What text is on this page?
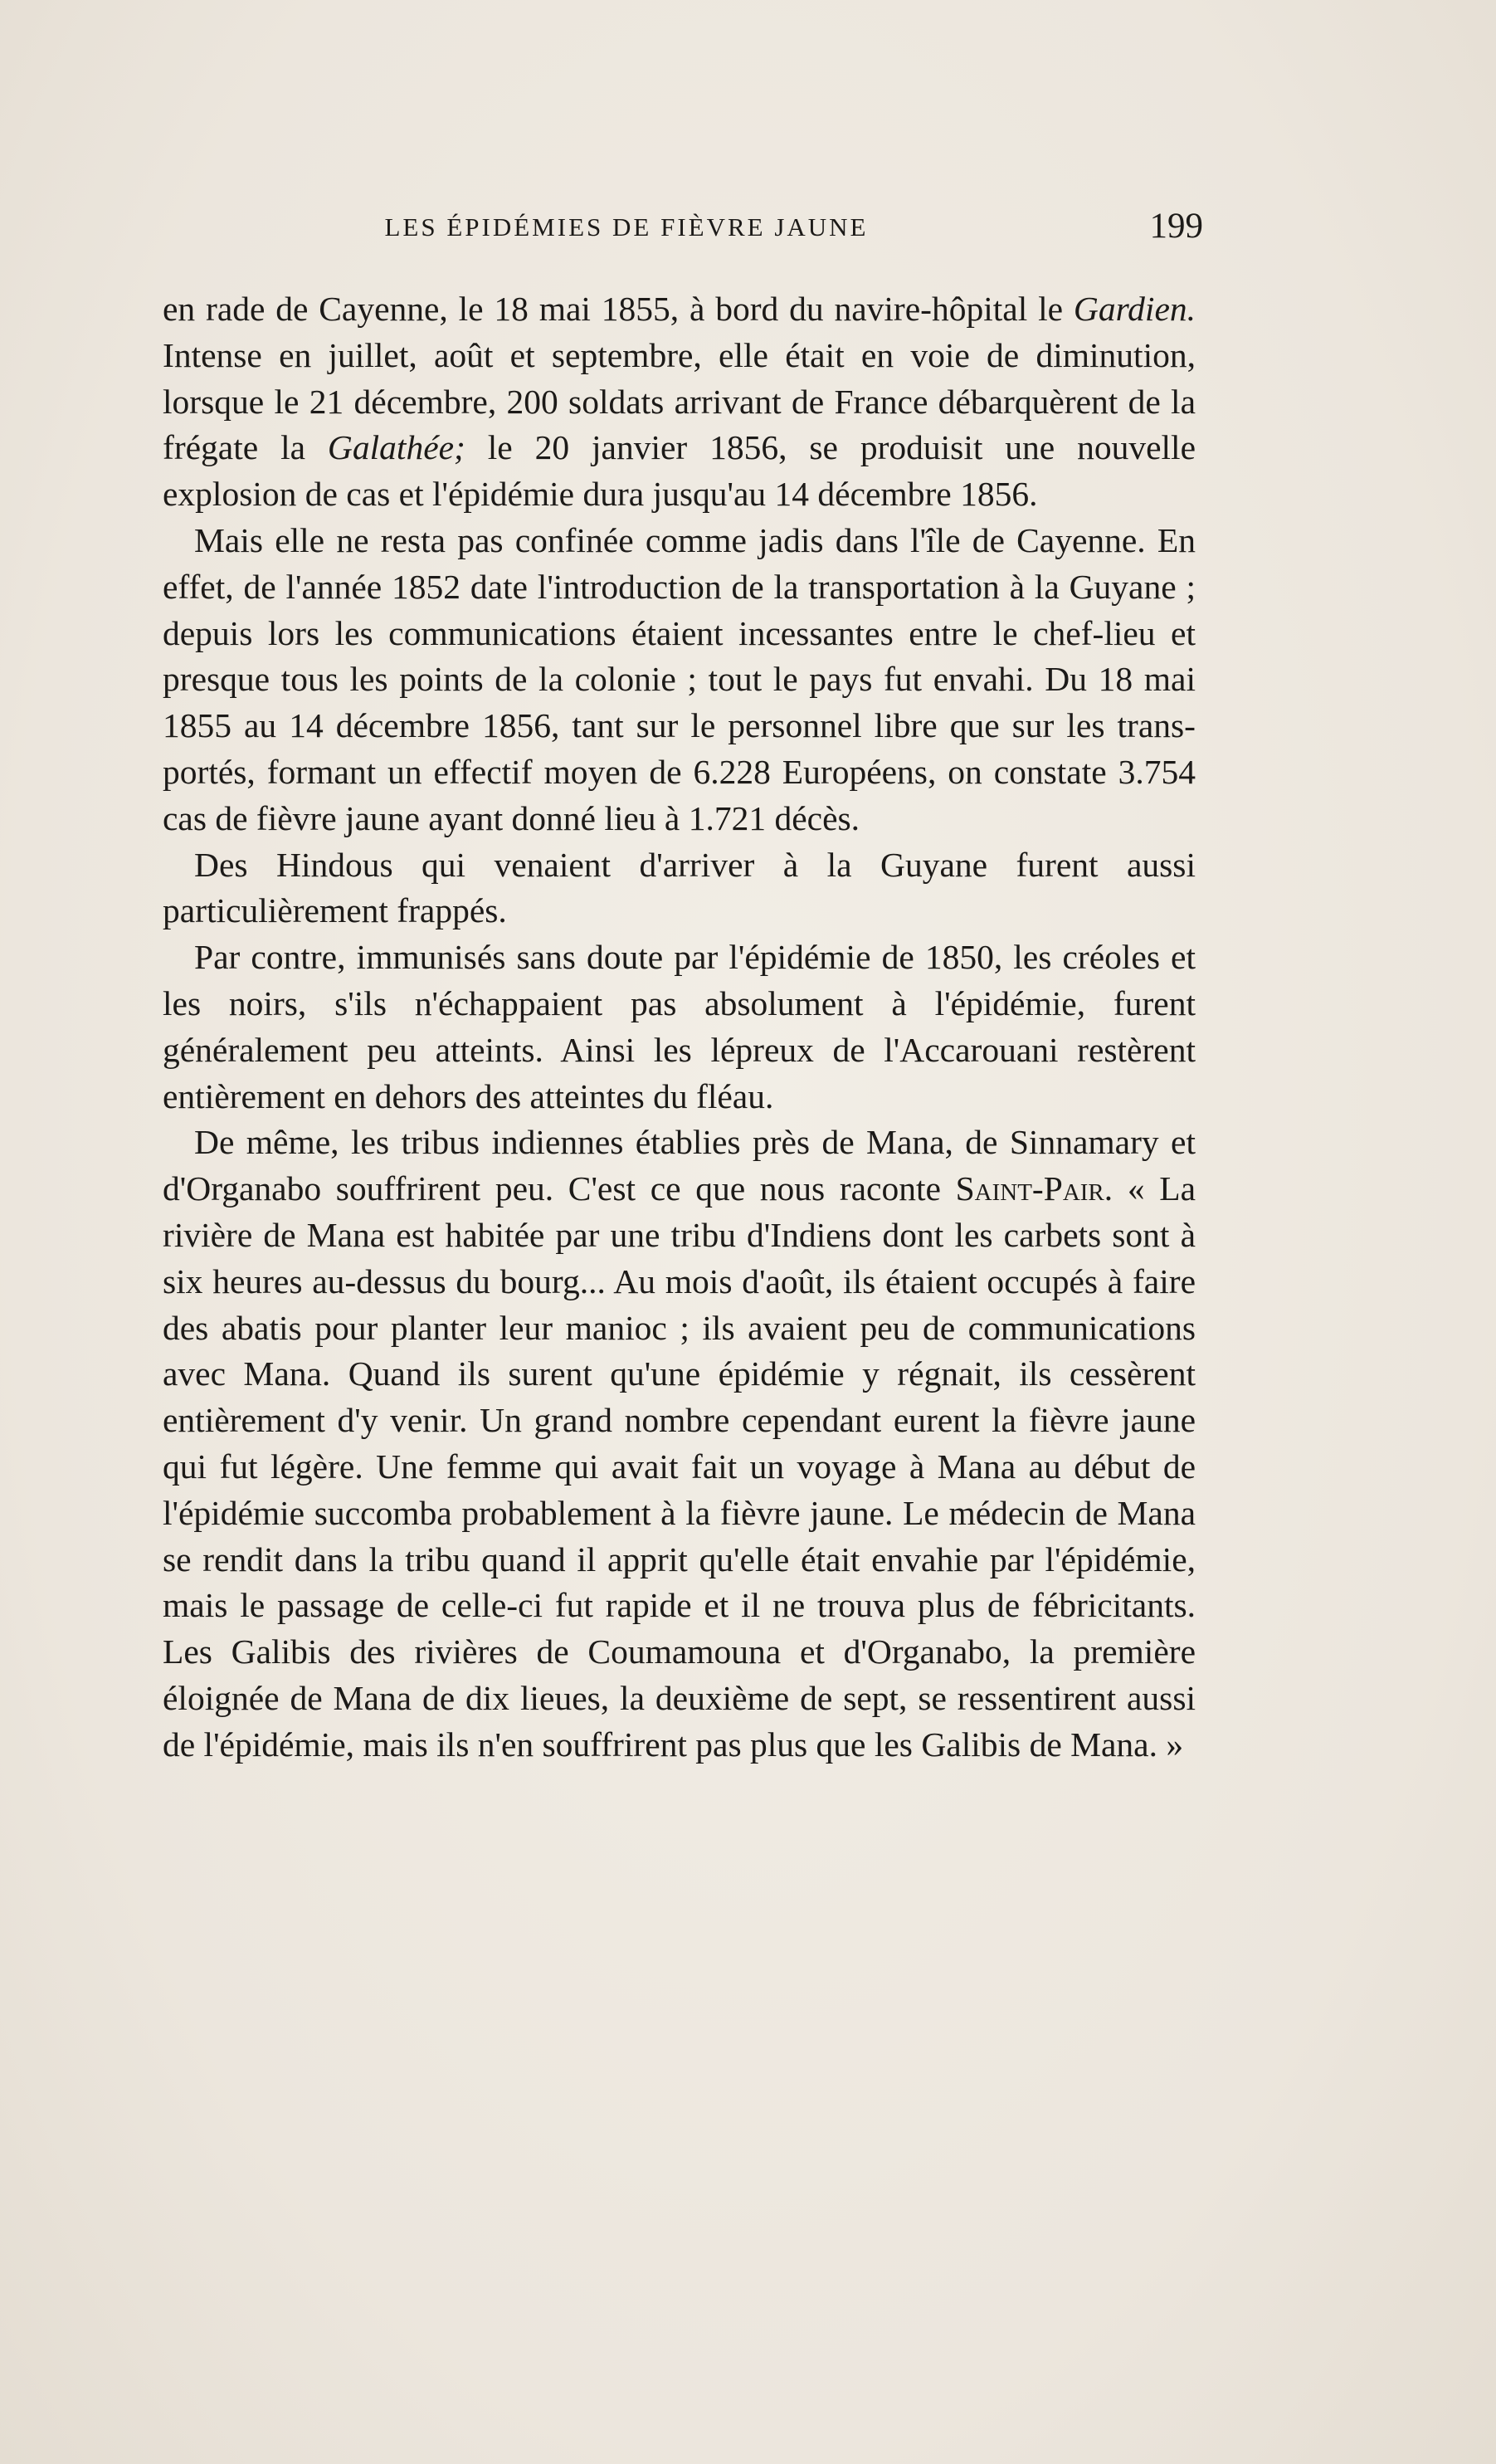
LES ÉPIDÉMIES DE FIÈVRE JAUNE	199

en rade de Cayenne, le 18 mai 1855, à bord du navire-hôpital le Gardien. Intense en juillet, août et septembre, elle était en voie de diminution, lorsque le 21 décembre, 200 soldats arrivant de France débarquèrent de la frégate la Galathée; le 20 janvier 1856, se produisit une nouvelle explosion de cas et l'épidémie dura jusqu'au 14 décembre 1856.

Mais elle ne resta pas confinée comme jadis dans l'île de Cayenne. En effet, de l'année 1852 date l'introduction de la transportation à la Guyane ; depuis lors les communications étaient incessantes entre le chef-lieu et presque tous les points de la colonie ; tout le pays fut envahi. Du 18 mai 1855 au 14 décembre 1856, tant sur le personnel libre que sur les transportés, formant un effectif moyen de 6.228 Européens, on constate 3.754 cas de fièvre jaune ayant donné lieu à 1.721 décès.

Des Hindous qui venaient d'arriver à la Guyane furent aussi particulièrement frappés.

Par contre, immunisés sans doute par l'épidémie de 1850, les créoles et les noirs, s'ils n'échappaient pas absolument à l'épidémie, furent généralement peu atteints. Ainsi les lépreux de l'Accarouani restèrent entièrement en dehors des atteintes du fléau.

De même, les tribus indiennes établies près de Mana, de Sinnamary et d'Organabo souffrirent peu. C'est ce que nous raconte Saint-Pair. « La rivière de Mana est habitée par une tribu d'Indiens dont les carbets sont à six heures au-dessus du bourg... Au mois d'août, ils étaient occupés à faire des abatis pour planter leur manioc ; ils avaient peu de communications avec Mana. Quand ils surent qu'une épidémie y régnait, ils cessèrent entièrement d'y venir. Un grand nombre cependant eurent la fièvre jaune qui fut légère. Une femme qui avait fait un voyage à Mana au début de l'épidémie succomba probablement à la fièvre jaune. Le médecin de Mana se rendit dans la tribu quand il apprit qu'elle était envahie par l'épidémie, mais le passage de celle-ci fut rapide et il ne trouva plus de fébricitants. Les Galibis des rivières de Coumamouna et d'Organabo, la première éloignée de Mana de dix lieues, la deuxième de sept, se ressentirent aussi de l'épidémie, mais ils n'en souffrirent pas plus que les Galibis de Mana. »
